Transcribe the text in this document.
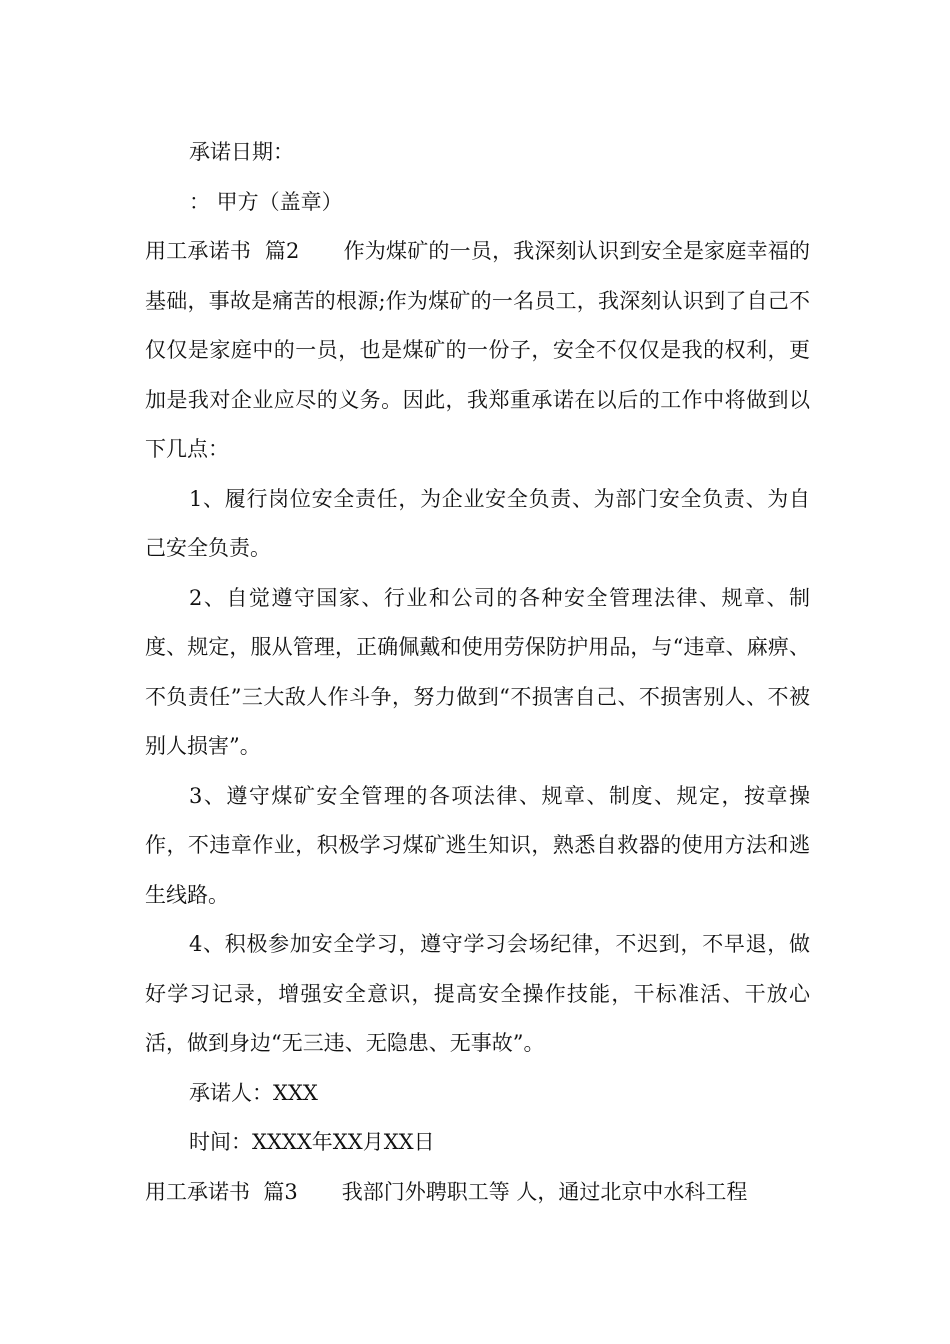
承诺日期：

： 甲方（盖章）

用工承诺书  篇2 作为煤矿的一员，我深刻认识到安全是家庭幸福的基础，事故是痛苦的根源;作为煤矿的一名员工，我深刻认识到了自己不仅仅是家庭中的一员，也是煤矿的一份子，安全不仅仅是我的权利，更加是我对企业应尽的义务。因此，我郑重承诺在以后的工作中将做到以下几点：

1、履行岗位安全责任，为企业安全负责、为部门安全负责、为自己安全负责。

2、自觉遵守国家、行业和公司的各种安全管理法律、规章、制度、规定，服从管理，正确佩戴和使用劳保防护用品，与“违章、麻痹、不负责任”三大敌人作斗争，努力做到“不损害自己、不损害别人、不被别人损害”。

3、遵守煤矿安全管理的各项法律、规章、制度、规定，按章操作，不违章作业，积极学习煤矿逃生知识，熟悉自救器的使用方法和逃生线路。

4、积极参加安全学习，遵守学习会场纪律，不迟到，不早退，做好学习记录，增强安全意识，提高安全操作技能，干标准活、干放心活，做到身边“无三违、无隐患、无事故”。

承诺人：XXX

时间：XXXX年XX月XX日

用工承诺书  篇3 我部门外聘职工等 人，通过北京中水科工程
